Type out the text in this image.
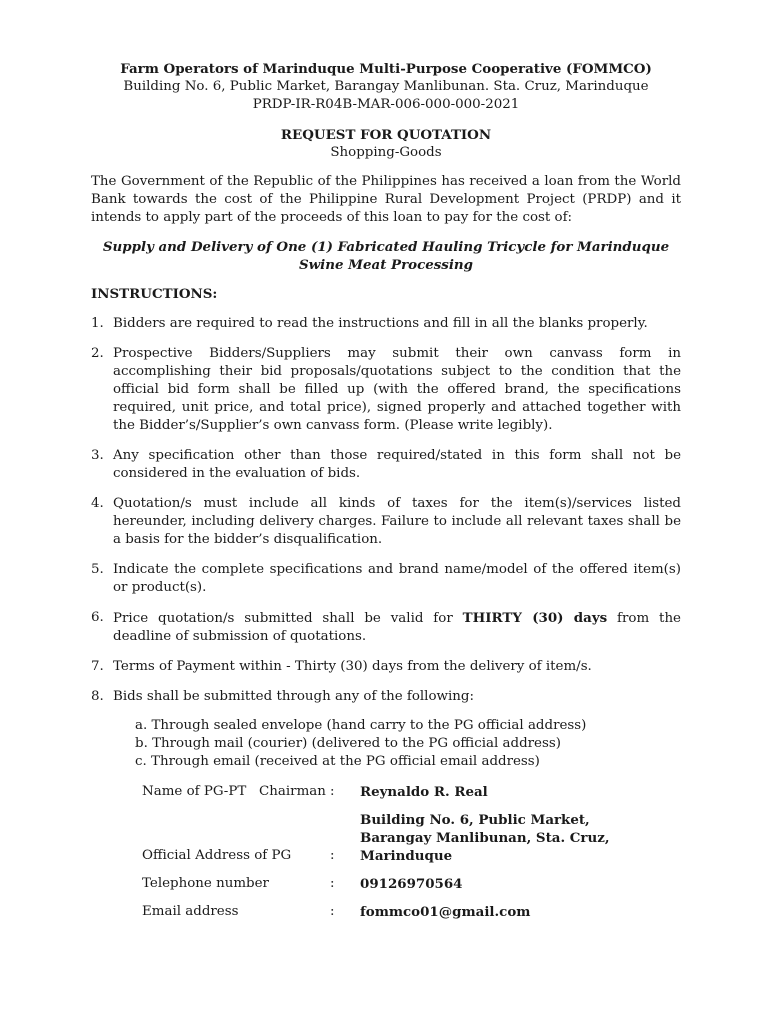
Farm Operators of Marinduque Multi-Purpose Cooperative (FOMMCO)
Building No. 6, Public Market, Barangay Manlibunan. Sta. Cruz, Marinduque
PRDP-IR-R04B-MAR-006-000-000-2021
REQUEST FOR QUOTATION
Shopping-Goods
The Government of the Republic of the Philippines has received a loan from the World Bank towards the cost of the Philippine Rural Development Project (PRDP) and it intends to apply part of the proceeds of this loan to pay for the cost of:
Supply and Delivery of One (1) Fabricated Hauling Tricycle for Marinduque Swine Meat Processing
INSTRUCTIONS:
1. Bidders are required to read the instructions and fill in all the blanks properly.
2. Prospective Bidders/Suppliers may submit their own canvass form in accomplishing their bid proposals/quotations subject to the condition that the official bid form shall be filled up (with the offered brand, the specifications required, unit price, and total price), signed properly and attached together with the Bidder’s/Supplier’s own canvass form. (Please write legibly).
3. Any specification other than those required/stated in this form shall not be considered in the evaluation of bids.
4. Quotation/s must include all kinds of taxes for the item(s)/services listed hereunder, including delivery charges. Failure to include all relevant taxes shall be a basis for the bidder’s disqualification.
5. Indicate the complete specifications and brand name/model of the offered item(s) or product(s).
6. Price quotation/s submitted shall be valid for THIRTY (30) days from the deadline of submission of quotations.
7. Terms of Payment within - Thirty (30) days from the delivery of item/s.
8. Bids shall be submitted through any of the following:
a. Through sealed envelope (hand carry to the PG official address)
b. Through mail (courier) (delivered to the PG official address)
c. Through email (received at the PG official email address)
Name of PG-PT   Chairman	:	Reynaldo R. Real
Official Address of PG	:	Building No. 6, Public Market, Barangay Manlibunan, Sta. Cruz, Marinduque
Telephone number	:	09126970564
Email address	:	fommco01@gmail.com
